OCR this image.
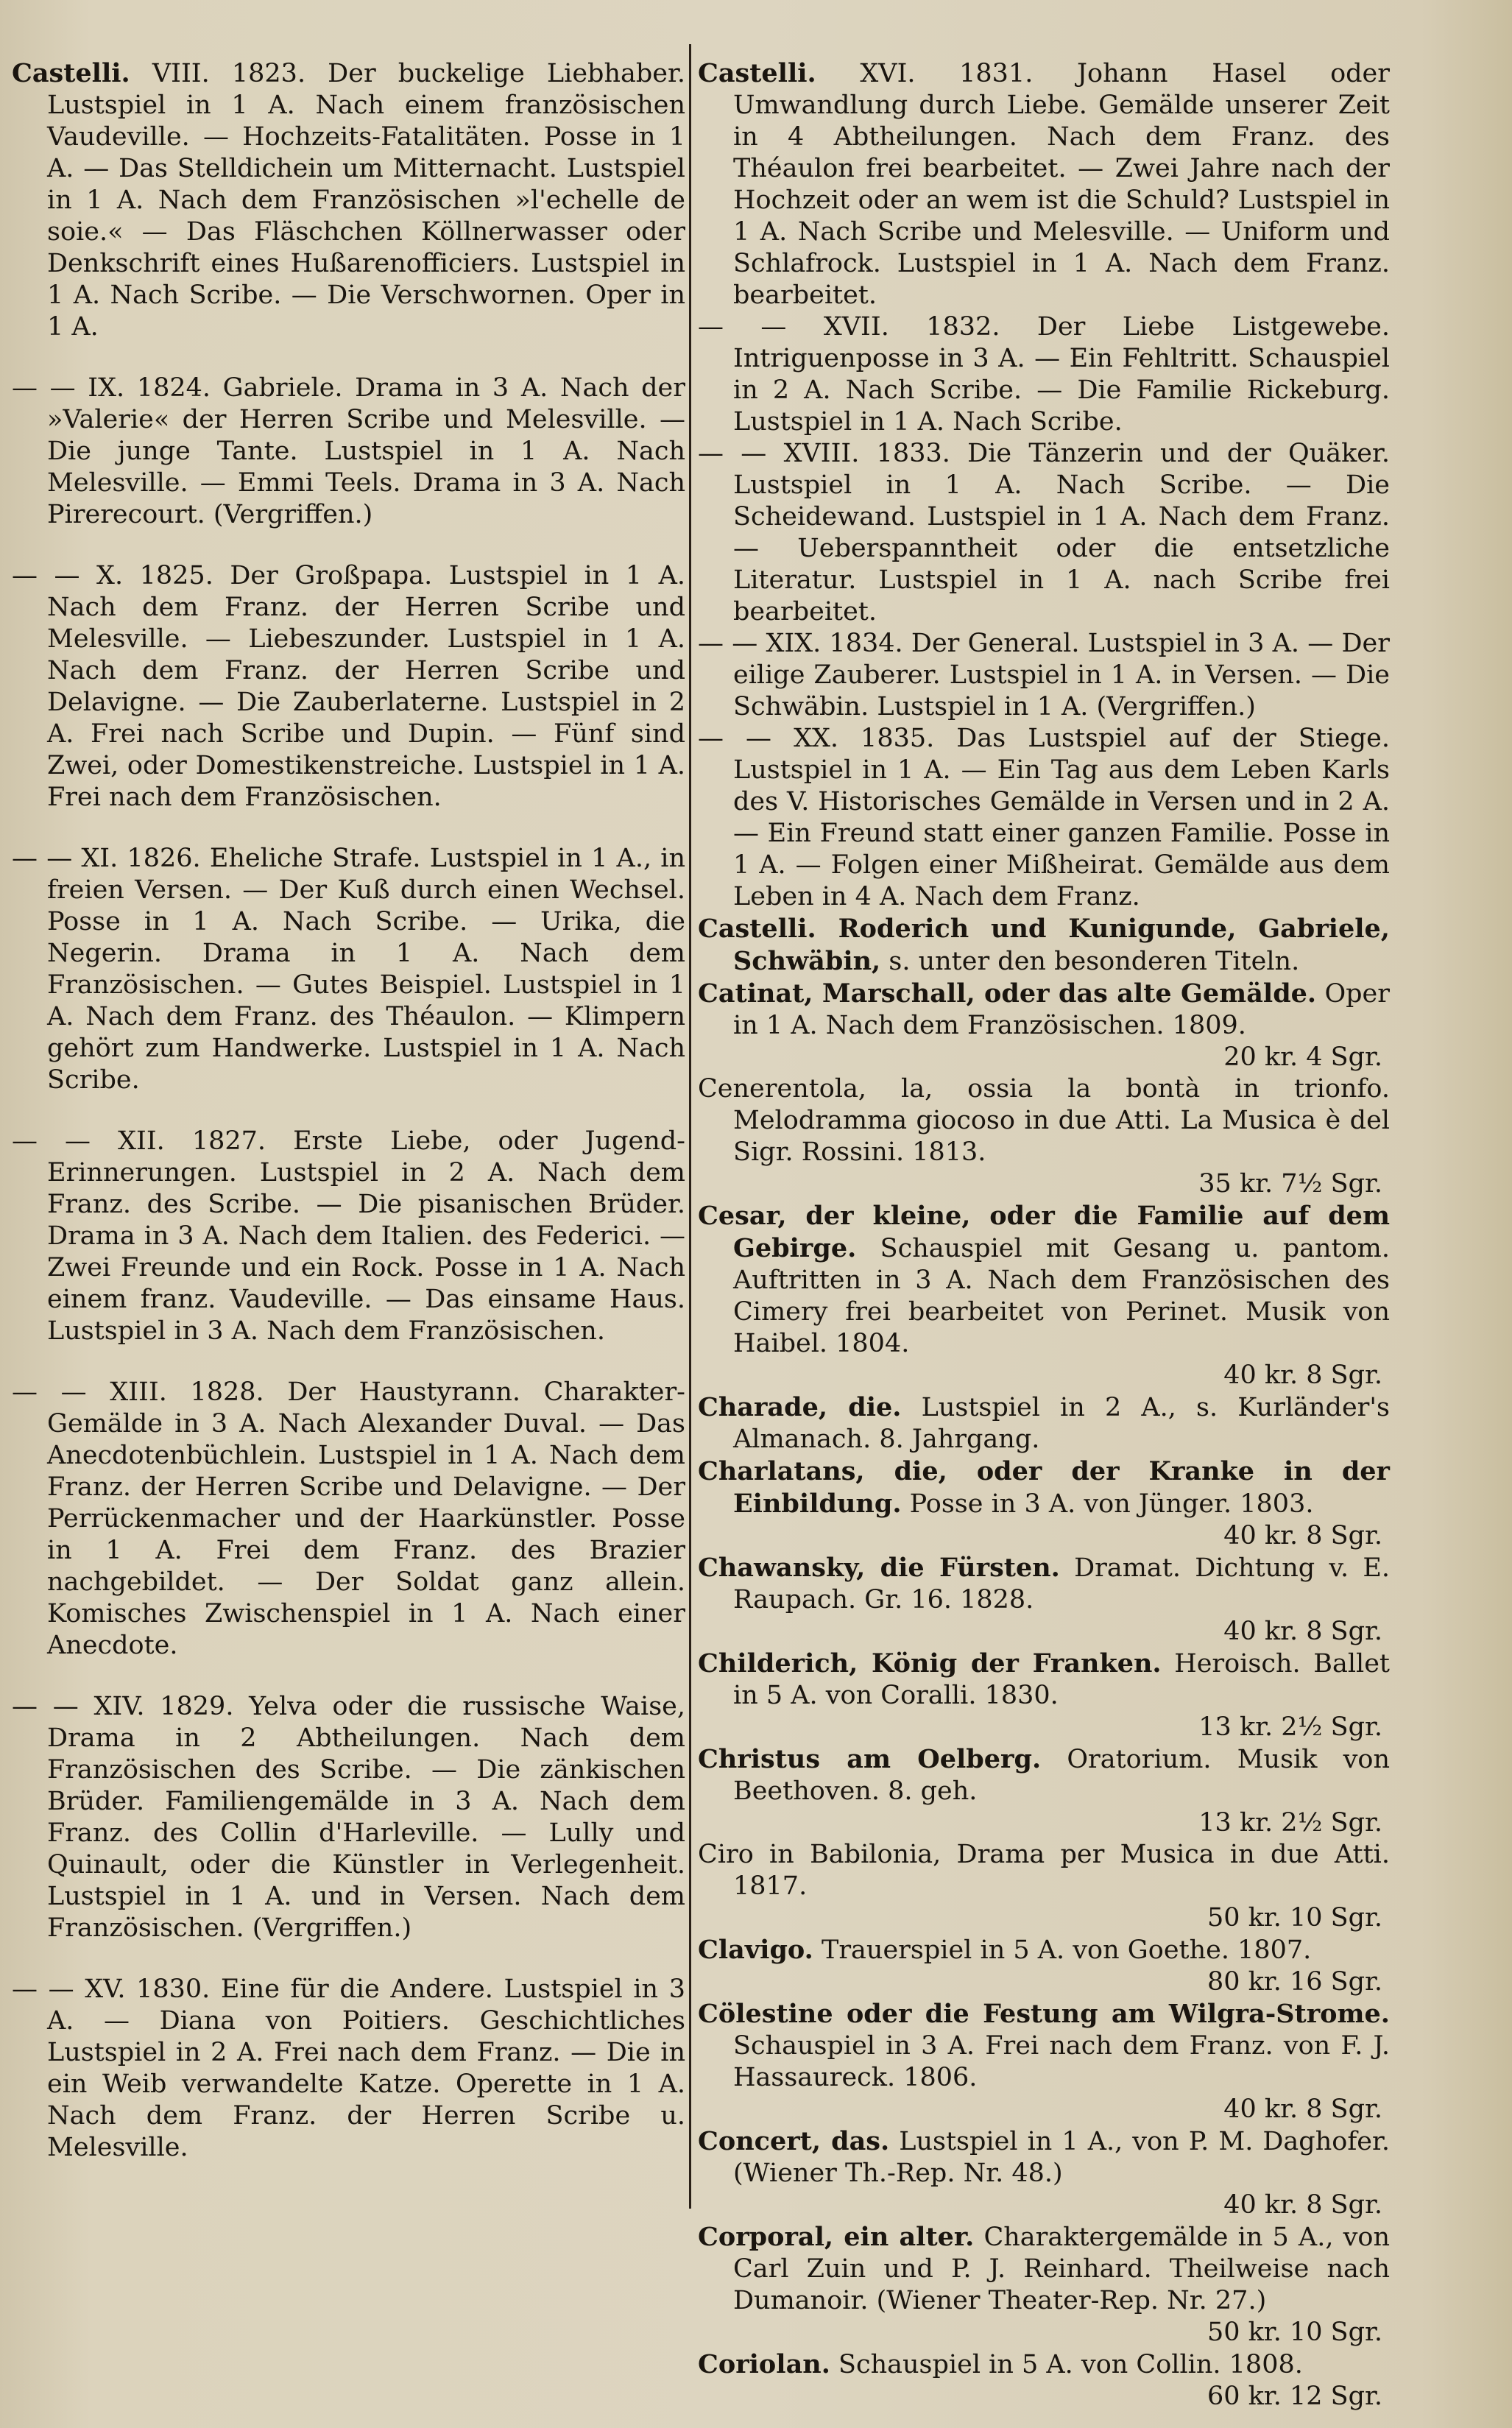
Castelli. VIII. 1823. Der buckelige Liebhaber. Lustspiel in 1 A. Nach einem französischen Vaudeville. — Hochzeits-Fatalitäten. Posse in 1 A. — Das Stelldichein um Mitternacht. Lustspiel in 1 A. Nach dem Französischen »l'echelle de soie.« — Das Fläschchen Köllnerwasser oder Denkschrift eines Hußarenofficiers. Lustspiel in 1 A. Nach Scribe. — Die Verschwornen. Oper in 1 A.
— — IX. 1824. Gabriele. Drama in 3 A. Nach der »Valerie« der Herren Scribe und Melesville. — Die junge Tante. Lustspiel in 1 A. Nach Melesville. — Emmi Teels. Drama in 3 A. Nach Pirerecourt. (Vergriffen.)
— — X. 1825. Der Großpapa. Lustspiel in 1 A. Nach dem Franz. der Herren Scribe und Melesville. — Liebeszunder. Lustspiel in 1 A. Nach dem Franz. der Herren Scribe und Delavigne. — Die Zauberlaterne. Lustspiel in 2 A. Frei nach Scribe und Dupin. — Fünf sind Zwei, oder Domestikenstreiche. Lustspiel in 1 A. Frei nach dem Französischen.
— — XI. 1826. Eheliche Strafe. Lustspiel in 1 A., in freien Versen. — Der Kuß durch einen Wechsel. Posse in 1 A. Nach Scribe. — Urika, die Negerin. Drama in 1 A. Nach dem Französischen. — Gutes Beispiel. Lustspiel in 1 A. Nach dem Franz. des Théaulon. — Klimpern gehört zum Handwerke. Lustspiel in 1 A. Nach Scribe.
— — XII. 1827. Erste Liebe, oder Jugend-Erinnerungen. Lustspiel in 2 A. Nach dem Franz. des Scribe. — Die pisanischen Brüder. Drama in 3 A. Nach dem Italien. des Federici. — Zwei Freunde und ein Rock. Posse in 1 A. Nach einem franz. Vaudeville. — Das einsame Haus. Lustspiel in 3 A. Nach dem Französischen.
— — XIII. 1828. Der Haustyrann. Charakter-Gemälde in 3 A. Nach Alexander Duval. — Das Anecdotenbüchlein. Lustspiel in 1 A. Nach dem Franz. der Herren Scribe und Delavigne. — Der Perrückenmacher und der Haarkünstler. Posse in 1 A. Frei dem Franz. des Brazier nachgebildet. — Der Soldat ganz allein. Komisches Zwischenspiel in 1 A. Nach einer Anecdote.
— — XIV. 1829. Yelva oder die russische Waise, Drama in 2 Abtheilungen. Nach dem Französischen des Scribe. — Die zänkischen Brüder. Familiengemälde in 3 A. Nach dem Franz. des Collin d'Harleville. — Lully und Quinault, oder die Künstler in Verlegenheit. Lustspiel in 1 A. und in Versen. Nach dem Französischen. (Vergriffen.)
— — XV. 1830. Eine für die Andere. Lustspiel in 3 A. — Diana von Poitiers. Geschichtliches Lustspiel in 2 A. Frei nach dem Franz. — Die in ein Weib verwandelte Katze. Operette in 1 A. Nach dem Franz. der Herren Scribe u. Melesville.
Castelli. XVI. 1831. Johann Hasel oder Umwandlung durch Liebe. Gemälde unserer Zeit in 4 Abtheilungen. Nach dem Franz. des Théaulon frei bearbeitet. — Zwei Jahre nach der Hochzeit oder an wem ist die Schuld? Lustspiel in 1 A. Nach Scribe und Melesville. — Uniform und Schlafrock. Lustspiel in 1 A. Nach dem Franz. bearbeitet.
— — XVII. 1832. Der Liebe Listgewebe. Intriguenposse in 3 A. — Ein Fehltritt. Schauspiel in 2 A. Nach Scribe. — Die Familie Rickeburg. Lustspiel in 1 A. Nach Scribe.
— — XVIII. 1833. Die Tänzerin und der Quäker. Lustspiel in 1 A. Nach Scribe. — Die Scheidewand. Lustspiel in 1 A. Nach dem Franz. — Ueberspanntheit oder die entsetzliche Literatur. Lustspiel in 1 A. nach Scribe frei bearbeitet.
— — XIX. 1834. Der General. Lustspiel in 3 A. — Der eilige Zauberer. Lustspiel in 1 A. in Versen. — Die Schwäbin. Lustspiel in 1 A. (Vergriffen.)
— — XX. 1835. Das Lustspiel auf der Stiege. Lustspiel in 1 A. — Ein Tag aus dem Leben Karls des V. Historisches Gemälde in Versen und in 2 A. — Ein Freund statt einer ganzen Familie. Posse in 1 A. — Folgen einer Mißheirat. Gemälde aus dem Leben in 4 A. Nach dem Franz.
Castelli. Roderich und Kunigunde, Gabriele, Schwäbin, s. unter den besonderen Titeln.
Catinat, Marschall, oder das alte Gemälde. Oper in 1 A. Nach dem Französischen. 1809.
20 kr. 4 Sgr.
Cenerentola, la, ossia la bontà in trionfo. Melodramma giocoso in due Atti. La Musica è del Sigr. Rossini. 1813.
35 kr. 7½ Sgr.
Cesar, der kleine, oder die Familie auf dem Gebirge. Schauspiel mit Gesang u. pantom. Auftritten in 3 A. Nach dem Französischen des Cimery frei bearbeitet von Perinet. Musik von Haibel. 1804.
40 kr. 8 Sgr.
Charade, die. Lustspiel in 2 A., s. Kurländer's Almanach. 8. Jahrgang.
Charlatans, die, oder der Kranke in der Einbildung. Posse in 3 A. von Jünger. 1803.
40 kr. 8 Sgr.
Chawansky, die Fürsten. Dramat. Dichtung v. E. Raupach. Gr. 16. 1828.
40 kr. 8 Sgr.
Childerich, König der Franken. Heroisch. Ballet in 5 A. von Coralli. 1830.
13 kr. 2½ Sgr.
Christus am Oelberg. Oratorium. Musik von Beethoven. 8. geh.
13 kr. 2½ Sgr.
Ciro in Babilonia, Drama per Musica in due Atti. 1817.
50 kr. 10 Sgr.
Clavigo. Trauerspiel in 5 A. von Goethe. 1807.
80 kr. 16 Sgr.
Cölestine oder die Festung am Wilgra-Strome. Schauspiel in 3 A. Frei nach dem Franz. von F. J. Hassaureck. 1806.
40 kr. 8 Sgr.
Concert, das. Lustspiel in 1 A., von P. M. Daghofer. (Wiener Th.-Rep. Nr. 48.)
40 kr. 8 Sgr.
Corporal, ein alter. Charaktergemälde in 5 A., von Carl Zuin und P. J. Reinhard. Theilweise nach Dumanoir. (Wiener Theater-Rep. Nr. 27.)
50 kr. 10 Sgr.
Coriolan. Schauspiel in 5 A. von Collin. 1808.
60 kr. 12 Sgr.
